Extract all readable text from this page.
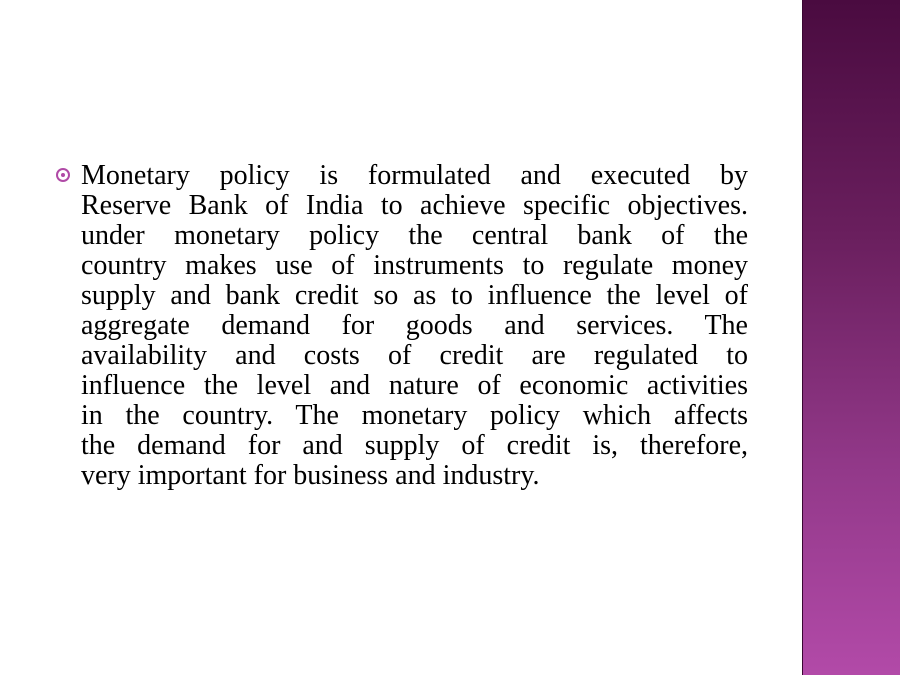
Monetary policy is formulated and executed by
Reserve Bank of India to achieve specific objectives.
under monetary policy the central bank of the
country makes use of instruments to regulate money
supply and bank credit so as to influence the level of
aggregate demand for goods and services. The
availability and costs of credit are regulated to
influence the level and nature of economic activities
in the country. The monetary policy which affects
the demand for and supply of credit is, therefore,
very important for business and industry.
